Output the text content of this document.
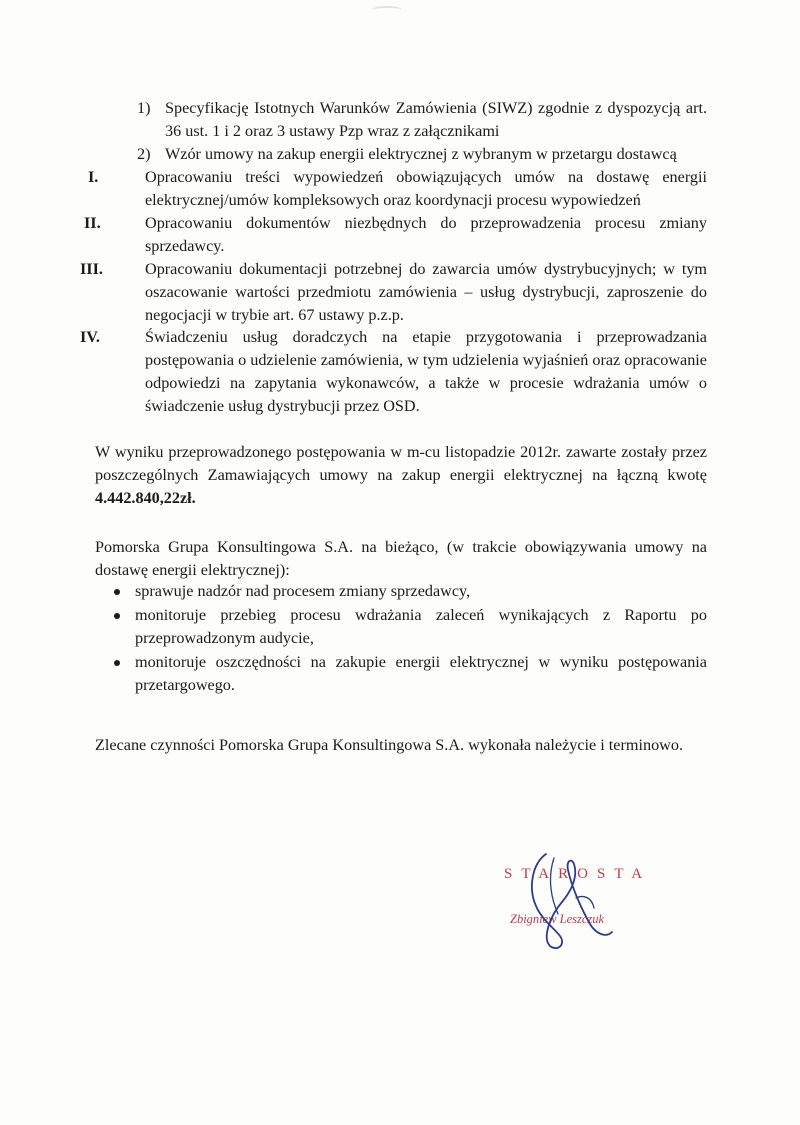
1) Specyfikację Istotnych Warunków Zamówienia (SIWZ) zgodnie z dyspozycją art.
36 ust. 1 i 2 oraz 3 ustawy Pzp wraz z załącznikami
2) Wzór umowy na zakup energii elektrycznej z wybranym w przetargu dostawcą
I.	Opracowaniu treści wypowiedzeń obowiązujących umów na dostawę energii
elektrycznej/umów kompleksowych oraz koordynacji procesu wypowiedzeń
II.	Opracowaniu dokumentów niezbędnych do przeprowadzenia procesu zmiany
sprzedawcy.
III.	Opracowaniu dokumentacji potrzebnej do zawarcia umów dystrybucyjnych; w tym
oszacowanie wartości przedmiotu zamówienia – usług dystrybucji, zaproszenie do
negocjacji w trybie art. 67 ustawy p.z.p.
IV.	Świadczeniu usług doradczych na etapie przygotowania i przeprowadzania
postępowania o udzielenie zamówienia, w tym udzielenia wyjaśnień oraz opracowanie
odpowiedzi na zapytania wykonawców, a także w procesie wdrażania umów o
świadczenie usług dystrybucji przez OSD.
W wyniku przeprowadzonego postępowania w m-cu listopadzie 2012r. zawarte zostały przez
poszczególnych Zamawiających umowy na zakup energii elektrycznej na łączną kwotę
4.442.840,22zł.
Pomorska Grupa Konsultingowa S.A. na bieżąco, (w trakcie obowiązywania umowy na
dostawę energii elektrycznej):
sprawuje nadzór nad procesem zmiany sprzedawcy,
monitoruje przebieg procesu wdrażania zaleceń wynikających z Raportu po
przeprowadzonym audycie,
monitoruje oszczędności na zakupie energii elektrycznej w wyniku postępowania
przetargowego.
Zlecane czynności Pomorska Grupa Konsultingowa S.A. wykonała należycie i terminowo.
STAROSTA
Zbigniew Leszczuk
